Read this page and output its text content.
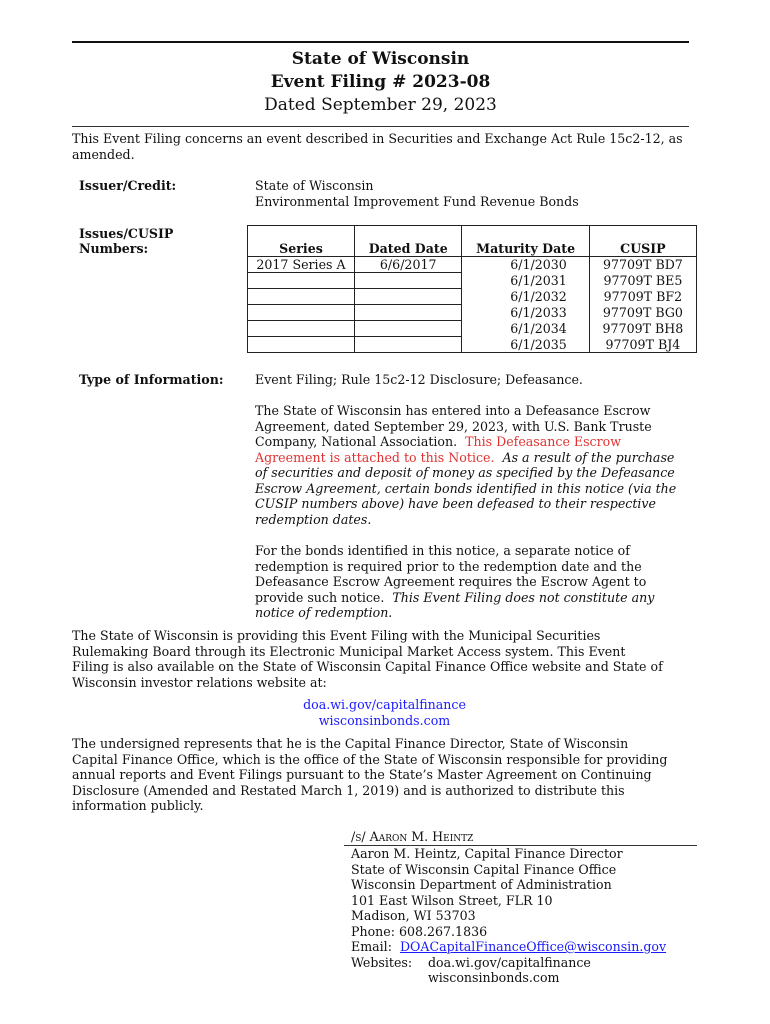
State of Wisconsin
Event Filing # 2023-08
Dated September 29, 2023
This Event Filing concerns an event described in Securities and Exchange Act Rule 15c2-12, as amended.
Issuer/Credit:	State of Wisconsin
Environmental Improvement Fund Revenue Bonds
Issues/CUSIP
Numbers:	Series	Dated Date	Maturity Date	CUSIP
2017 Series A	6/6/2017	6/1/2030	97709T BD7
		6/1/2031	97709T BE5
		6/1/2032	97709T BF2
		6/1/2033	97709T BG0
		6/1/2034	97709T BH8
		6/1/2035	97709T BJ4
Type of Information: Event Filing; Rule 15c2-12 Disclosure; Defeasance.
The State of Wisconsin has entered into a Defeasance Escrow
Agreement, dated September 29, 2023, with U.S. Bank Truste
Company, National Association.  This Defeasance Escrow
Agreement is attached to this Notice.  As a result of the purchase
of securities and deposit of money as specified by the Defeasance
Escrow Agreement, certain bonds identified in this notice (via the
CUSIP numbers above) have been defeased to their respective
redemption dates.
For the bonds identified in this notice, a separate notice of
redemption is required prior to the redemption date and the
Defeasance Escrow Agreement requires the Escrow Agent to
provide such notice.  This Event Filing does not constitute any
notice of redemption.
The State of Wisconsin is providing this Event Filing with the Municipal Securities
Rulemaking Board through its Electronic Municipal Market Access system. This Event
Filing is also available on the State of Wisconsin Capital Finance Office website and State of
Wisconsin investor relations website at:
doa.wi.gov/capitalfinance
wisconsinbonds.com
The undersigned represents that he is the Capital Finance Director, State of Wisconsin
Capital Finance Office, which is the office of the State of Wisconsin responsible for providing
annual reports and Event Filings pursuant to the State’s Master Agreement on Continuing
Disclosure (Amended and Restated March 1, 2019) and is authorized to distribute this
information publicly.
/s/ Aaron M. Heintz
Aaron M. Heintz, Capital Finance Director
State of Wisconsin Capital Finance Office
Wisconsin Department of Administration
101 East Wilson Street, FLR 10
Madison, WI 53703
Phone: 608.267.1836
Email:  DOACapitalFinanceOffice@wisconsin.gov
Websites: doa.wi.gov/capitalfinance
wisconsinbonds.com
